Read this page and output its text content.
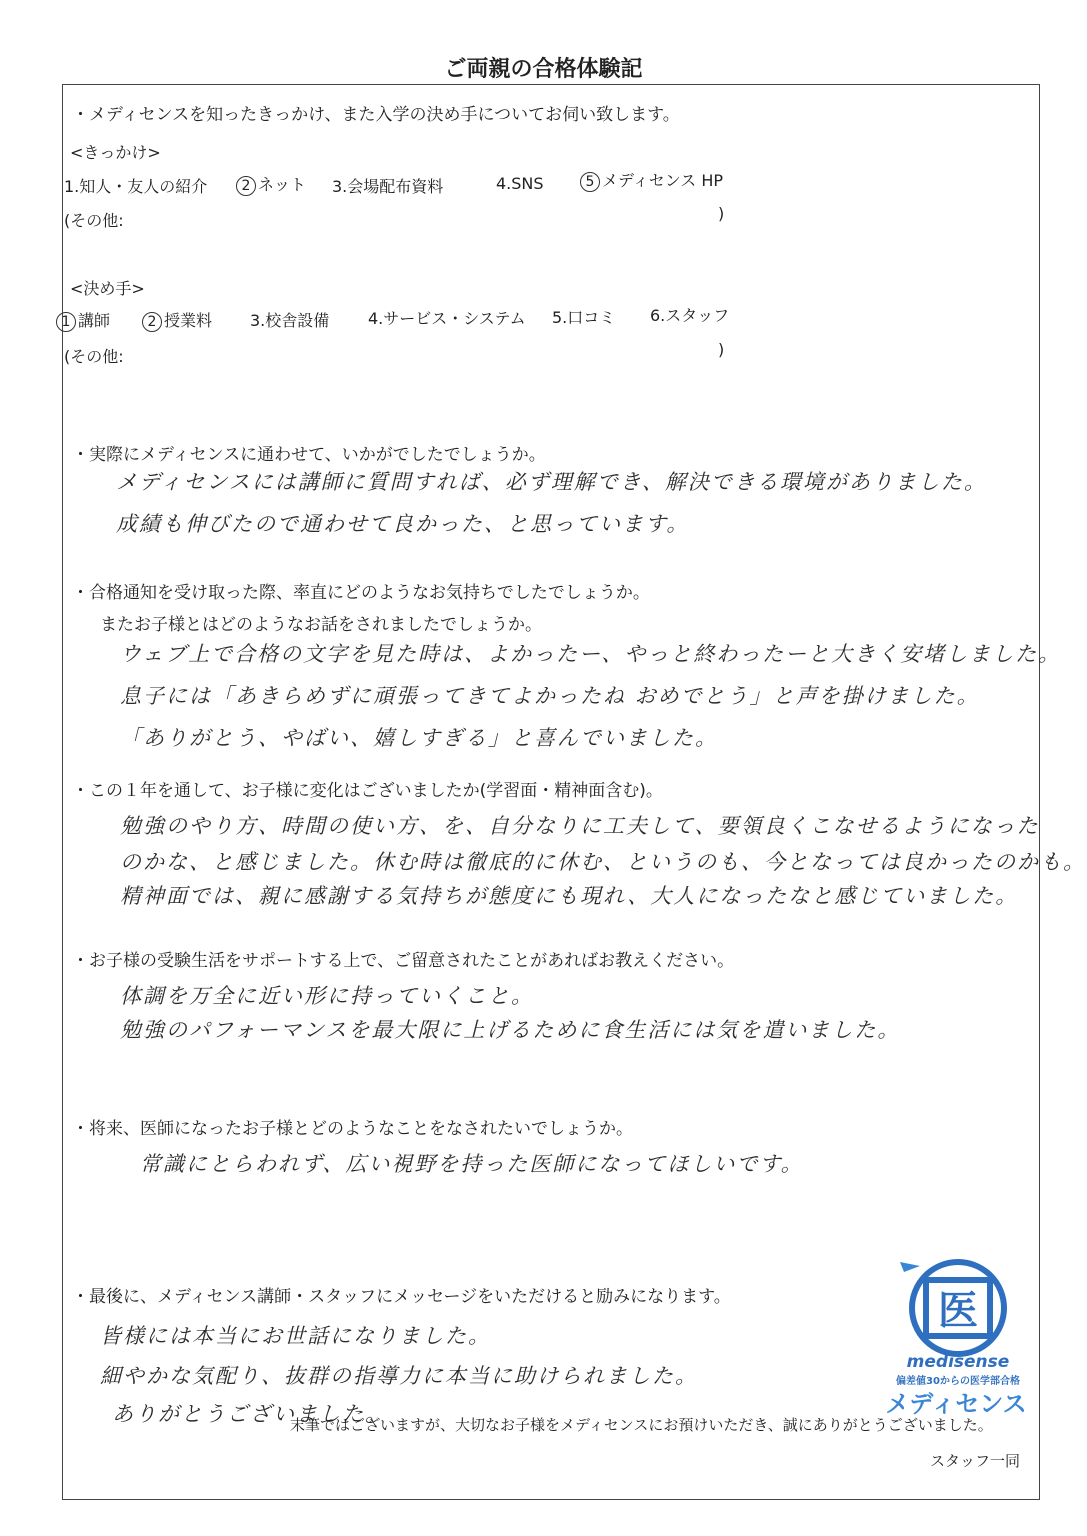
ご両親の合格体験記
・メディセンスを知ったきっかけ、また入学の決め手についてお伺い致します。
<きっかけ>
1.知人・友人の紹介	2 ネット 3.会場配布資料	4.SNS	5 メディセンス HP
(その他:	)
<決め手>
1 講師	2 授業料 3.校舎設備 4.サービス・システム 5.口コミ 6.スタッフ
(その他:	)
・実際にメディセンスに通わせて、いかがでしたでしょうか。
メディセンスには講師に質問すれば、必ず理解でき、解決できる環境がありました。
成績も伸びたので通わせて良かった、と思っています。
・合格通知を受け取った際、率直にどのようなお気持ちでしたでしょうか。
またお子様とはどのようなお話をされましたでしょうか。
ウェブ上で合格の文字を見た時は、よかったー、やっと終わったーと大きく安堵しました。
息子には「あきらめずに頑張ってきてよかったね おめでとう」と声を掛けました。
「ありがとう、やばい、嬉しすぎる」と喜んでいました。
・この１年を通して、お子様に変化はございましたか(学習面・精神面含む)。
勉強のやり方、時間の使い方、を、自分なりに工夫して、要領良くこなせるようになった
のかな、と感じました。休む時は徹底的に休む、というのも、今となっては良かったのかも。
精神面では、親に感謝する気持ちが態度にも現れ、大人になったなと感じていました。
・お子様の受験生活をサポートする上で、ご留意されたことがあればお教えください。
体調を万全に近い形に持っていくこと。
勉強のパフォーマンスを最大限に上げるために食生活には気を遣いました。
・将来、医師になったお子様とどのようなことをなされたいでしょうか。
常識にとらわれず、広い視野を持った医師になってほしいです。
・最後に、メディセンス講師・スタッフにメッセージをいただけると励みになります。
皆様には本当にお世話になりました。
細やかな気配り、抜群の指導力に本当に助けられました。
ありがとうございました。
末筆ではございますが、大切なお子様をメディセンスにお預けいただき、誠にありがとうございました。
スタッフ一同
医
medisense
偏差値30からの医学部合格
メディセンス
